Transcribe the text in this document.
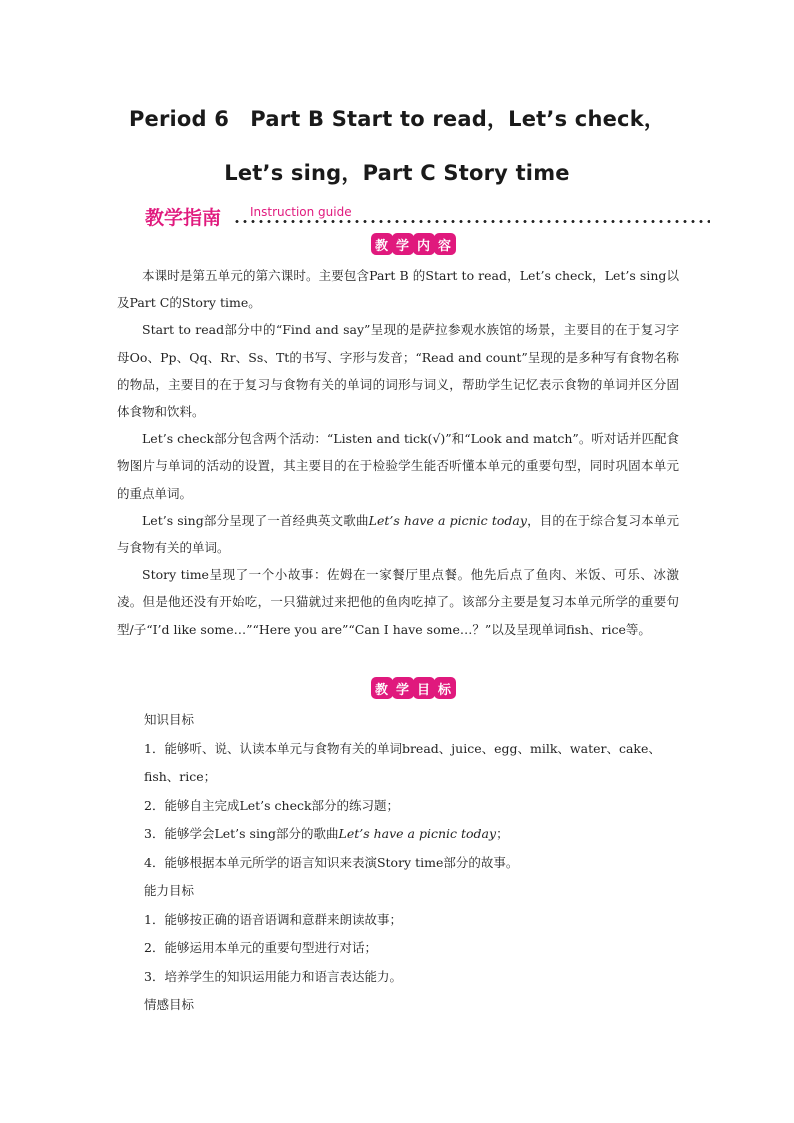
Period 6　Part B Start to read，Let’s check，
Let’s sing，Part C Story time
教学指南 Instruction guide
教 学 内 容

本课时是第五单元的第六课时。主要包含Part B 的Start to read，Let’s check，Let’s sing以及Part C的Story time。

Start to read部分中的“Find and say”呈现的是萨拉参观水族馆的场景，主要目的在于复习字母Oo、Pp、Qq、Rr、Ss、Tt的书写、字形与发音；“Read and count”呈现的是多种写有食物名称的物品，主要目的在于复习与食物有关的单词的词形与词义，帮助学生记忆表示食物的单词并区分固体食物和饮料。

Let’s check部分包含两个活动：“Listen and tick(√)”和“Look and match”。听对话并匹配食物图片与单词的活动的设置，其主要目的在于检验学生能否听懂本单元的重要句型，同时巩固本单元的重点单词。

Let’s sing部分呈现了一首经典英文歌曲Let’s have a picnic today，目的在于综合复习本单元与食物有关的单词。

Story time呈现了一个小故事：佐姆在一家餐厅里点餐。他先后点了鱼肉、米饭、可乐、冰激凌。但是他还没有开始吃，一只猫就过来把他的鱼肉吃掉了。该部分主要是复习本单元所学的重要句型/子“I’d like some…”“Here you are”“Can I have some…？”以及呈现单词fish、rice等。

教 学 目 标

知识目标

1．能够听、说、认读本单元与食物有关的单词bread、juice、egg、milk、water、cake、fish、rice；

2．能够自主完成Let’s check部分的练习题；

3．能够学会Let’s sing部分的歌曲Let’s have a picnic today；

4．能够根据本单元所学的语言知识来表演Story time部分的故事。

能力目标

1．能够按正确的语音语调和意群来朗读故事；

2．能够运用本单元的重要句型进行对话；

3．培养学生的知识运用能力和语言表达能力。

情感目标
